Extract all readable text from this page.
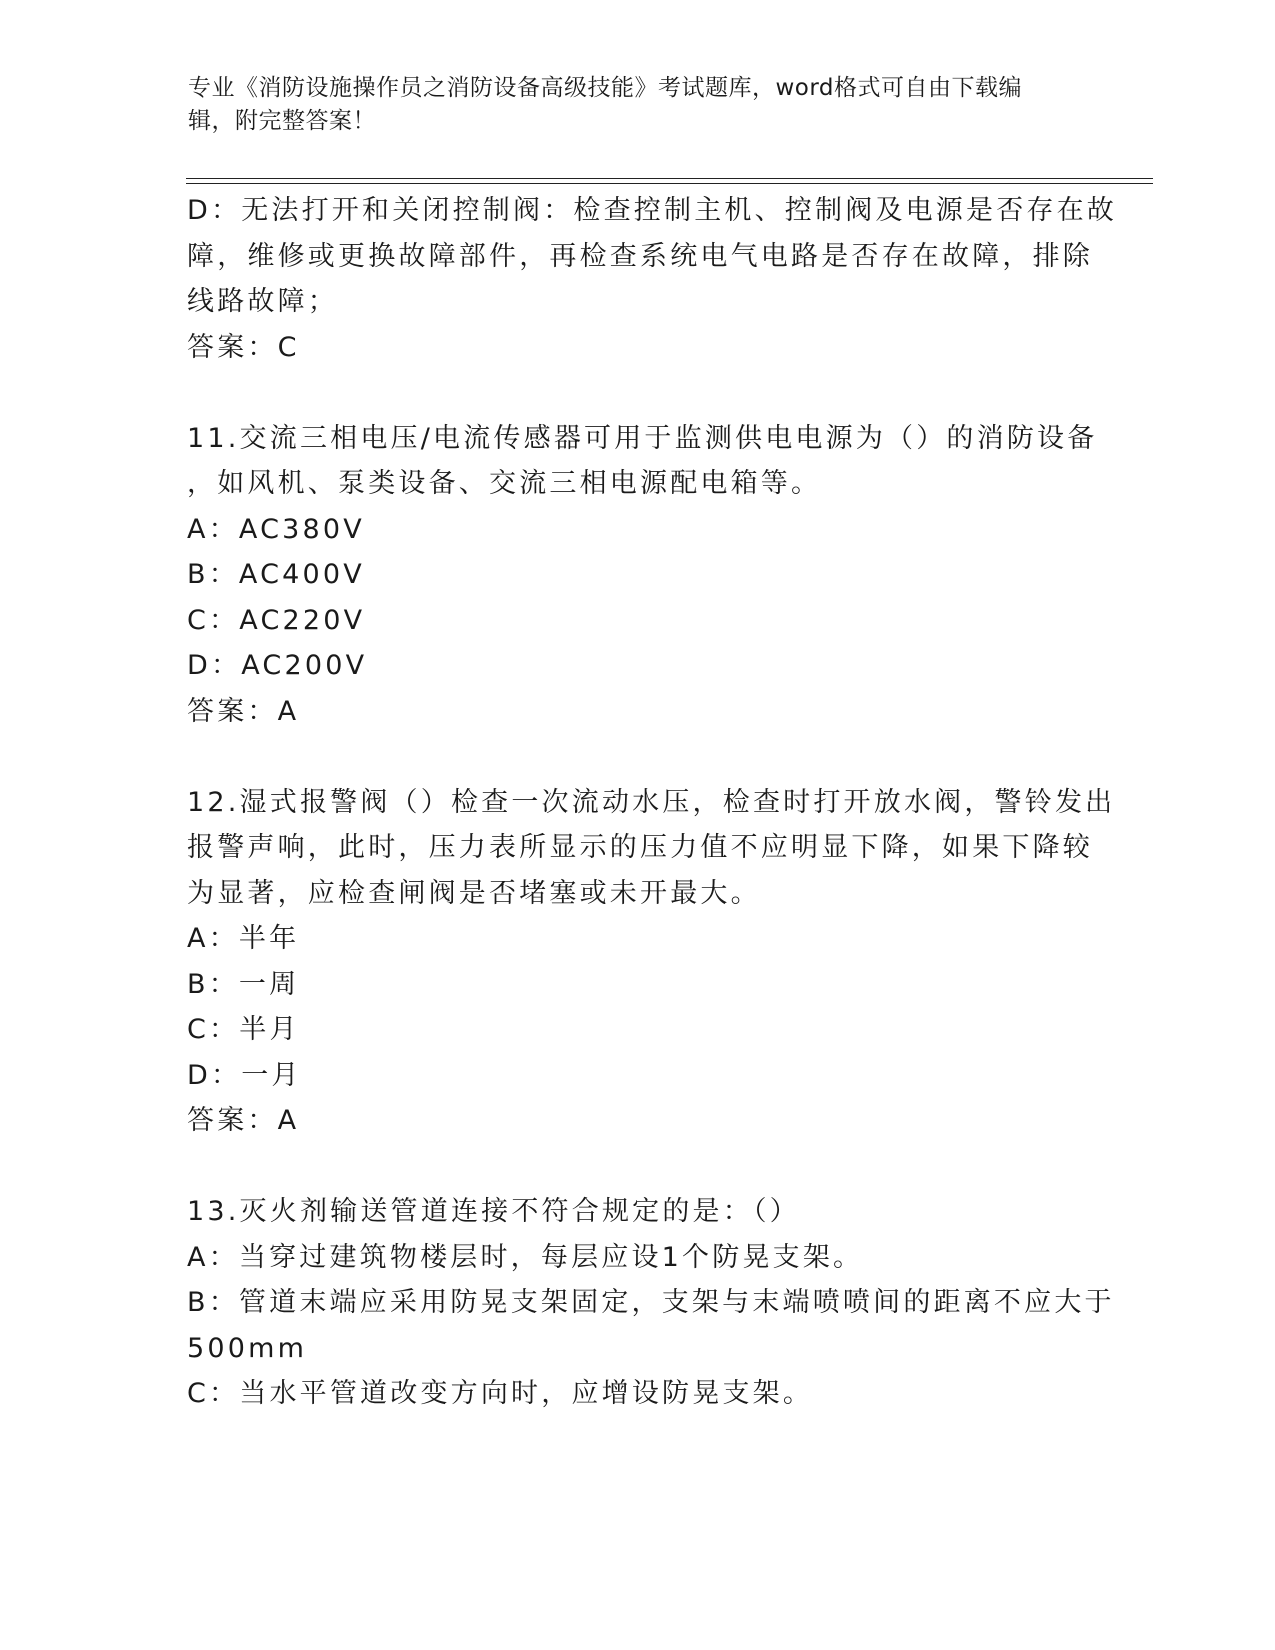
专业《消防设施操作员之消防设备高级技能》考试题库，word格式可自由下载编
辑，附完整答案！
D：无法打开和关闭控制阀：检查控制主机、控制阀及电源是否存在故
障，维修或更换故障部件，再检查系统电气电路是否存在故障，排除
线路故障；
答案：C
11.交流三相电压/电流传感器可用于监测供电电源为（）的消防设备
，如风机、泵类设备、交流三相电源配电箱等。
A：AC380V
B：AC400V
C：AC220V
D：AC200V
答案：A
12.湿式报警阀（）检查一次流动水压，检查时打开放水阀，警铃发出
报警声响，此时，压力表所显示的压力值不应明显下降，如果下降较
为显著，应检查闸阀是否堵塞或未开最大。
A：半年
B：一周
C：半月
D：一月
答案：A
13.灭火剂输送管道连接不符合规定的是：（）
A：当穿过建筑物楼层时，每层应设1个防晃支架。
B：管道末端应采用防晃支架固定，支架与末端喷喷间的距离不应大于
500mm
C：当水平管道改变方向时，应增设防晃支架。
